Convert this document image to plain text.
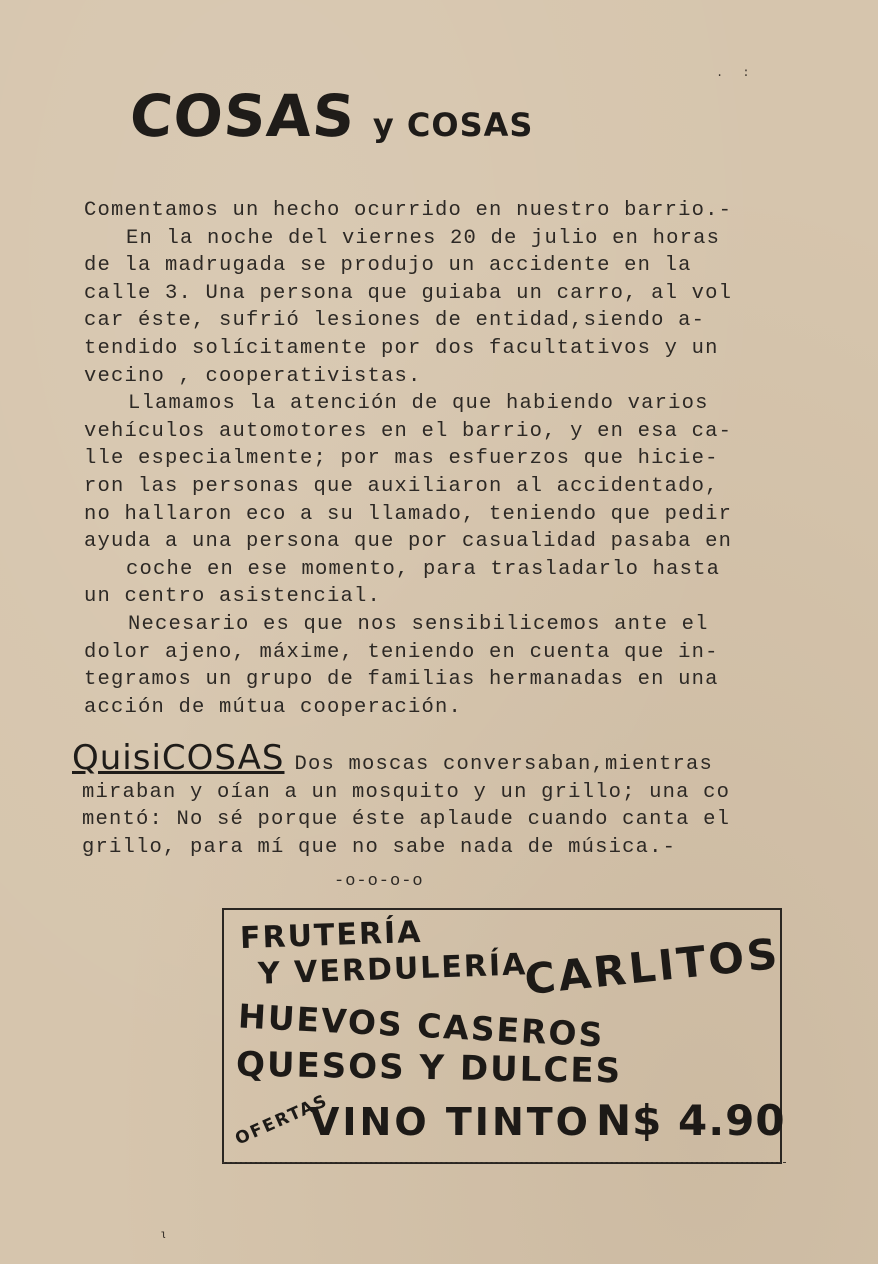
. :
COSAS y COSAS
Comentamos un hecho ocurrido en nuestro barrio.-
En la noche del viernes 20 de julio en horas
de la madrugada se produjo un accidente en la
calle 3. Una persona que guiaba un carro, al vol
car éste, sufrió lesiones de entidad,siendo a-
tendido solícitamente por dos facultativos y un
vecino , cooperativistas.
Llamamos la atención de que habiendo varios
vehículos automotores en el barrio, y en esa ca-
lle especialmente; por mas esfuerzos que hicie-
ron las personas que auxiliaron al accidentado,
no hallaron eco a su llamado, teniendo que pedir
ayuda a una persona que por casualidad pasaba en
coche en ese momento, para trasladarlo hasta
un centro asistencial.
Necesario es que nos sensibilicemos ante el
dolor ajeno, máxime, teniendo en cuenta que in-
tegramos un grupo de familias hermanadas en una
acción de mútua cooperación.
QuisiCOSAS Dos moscas conversaban,mientras
miraban y oían a un mosquito y un grillo; una co
mentó: No sé porque éste aplaude cuando canta el
grillo, para mí que no sabe nada de música.-
-o-o-o-o
FRUTERÍA
Y VERDULERÍA
CARLITOS
HUEVOS CASEROS
QUESOS Y DULCES
OFERTAS
VINO TINTO N$ 4.90
ɩ
